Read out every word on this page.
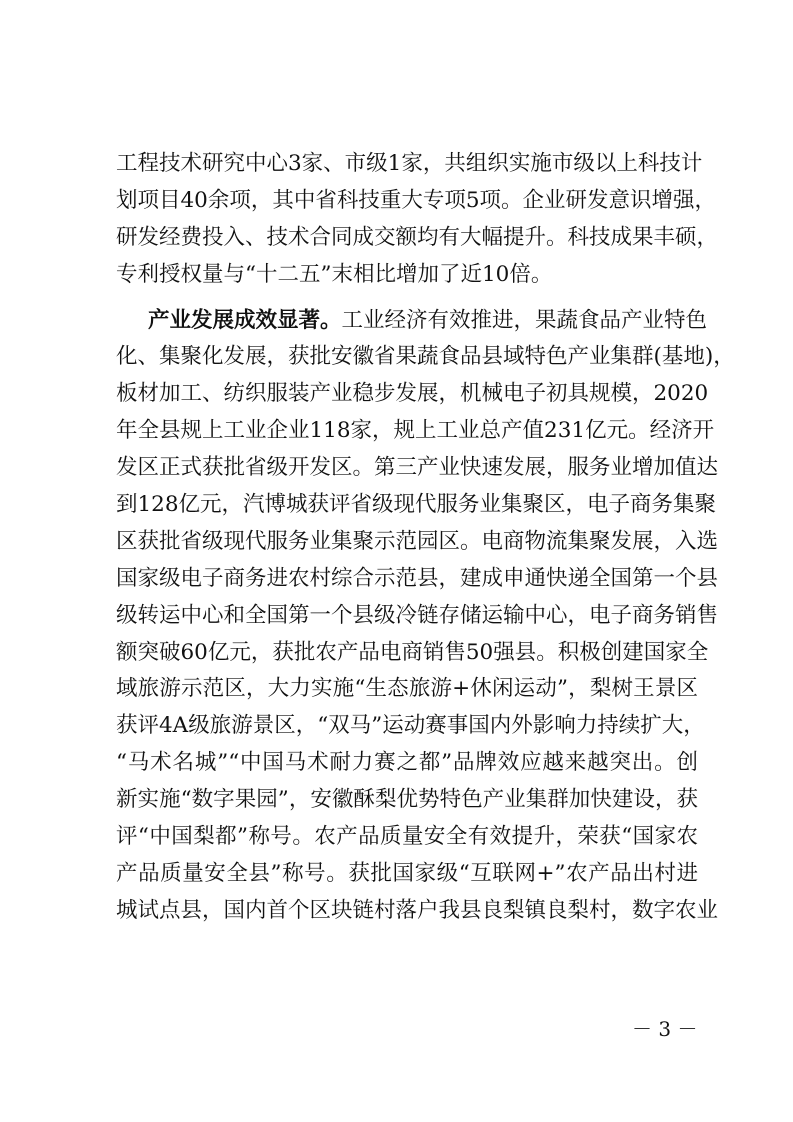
工程技术研究中心3家、市级1家，共组织实施市级以上科技计
划项目40余项，其中省科技重大专项5项。企业研发意识增强，
研发经费投入、技术合同成交额均有大幅提升。科技成果丰硕，
专利授权量与“十二五”末相比增加了近10倍。
产业发展成效显著。工业经济有效推进，果蔬食品产业特色
化、集聚化发展，获批安徽省果蔬食品县域特色产业集群(基地)，
板材加工、纺织服装产业稳步发展，机械电子初具规模，2020
年全县规上工业企业118家，规上工业总产值231亿元。经济开
发区正式获批省级开发区。第三产业快速发展，服务业增加值达
到128亿元，汽博城获评省级现代服务业集聚区，电子商务集聚
区获批省级现代服务业集聚示范园区。电商物流集聚发展，入选
国家级电子商务进农村综合示范县，建成申通快递全国第一个县
级转运中心和全国第一个县级冷链存储运输中心，电子商务销售
额突破60亿元，获批农产品电商销售50强县。积极创建国家全
域旅游示范区，大力实施“生态旅游+休闲运动”，梨树王景区
获评4A级旅游景区，“双马”运动赛事国内外影响力持续扩大，
“马术名城”“中国马术耐力赛之都”品牌效应越来越突出。创
新实施“数字果园”，安徽酥梨优势特色产业集群加快建设，获
评“中国梨都”称号。农产品质量安全有效提升，荣获“国家农
产品质量安全县”称号。获批国家级“互联网+”农产品出村进
城试点县，国内首个区块链村落户我县良梨镇良梨村，数字农业
－ 3 －
